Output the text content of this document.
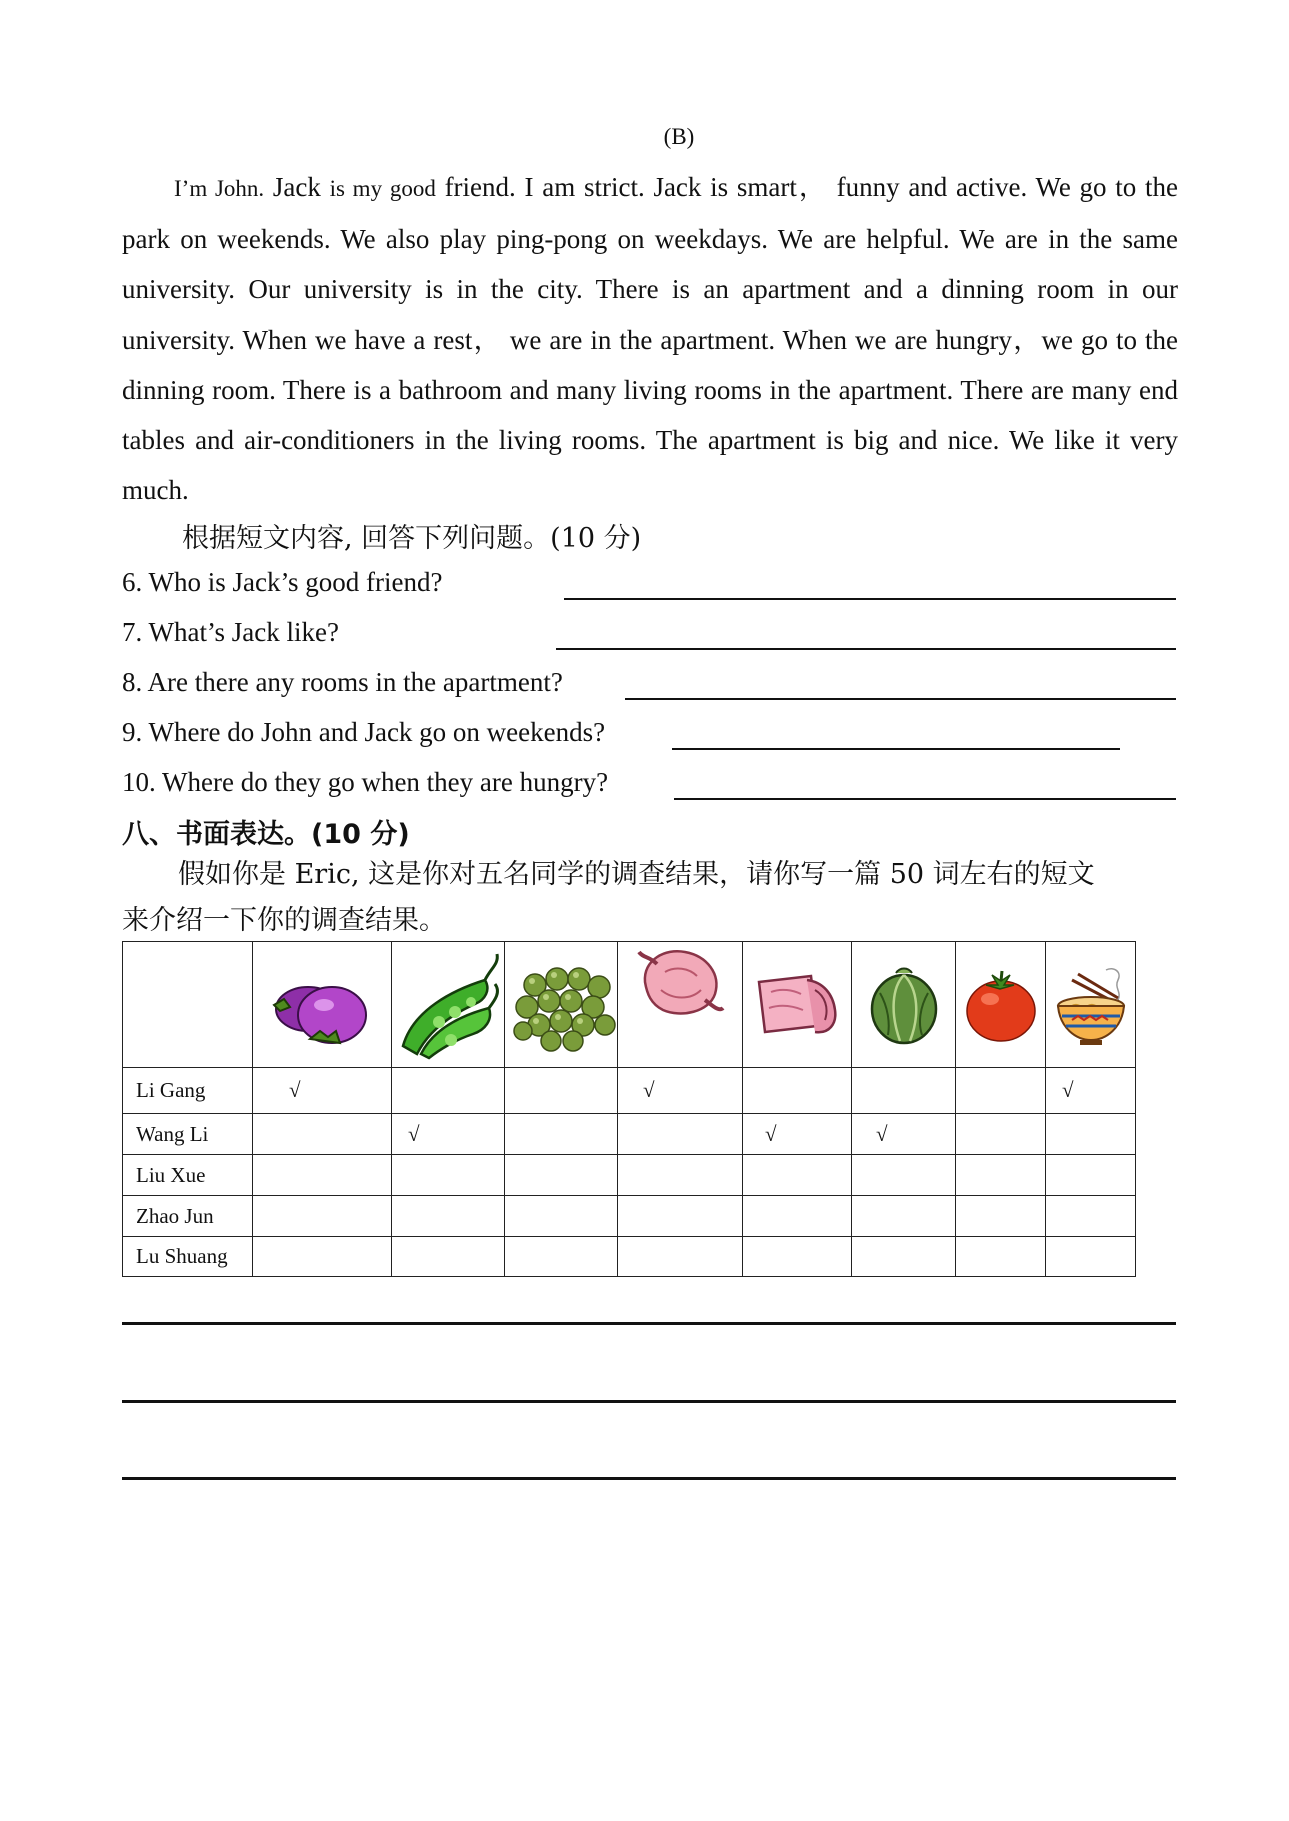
(B)

I’m John. Jack is my good friend. I am strict. Jack is smart， funny and active. We go to the park on weekends. We also play ping-pong on weekdays. We are helpful. We are in the same university. Our university is in the city. There is an apartment and a dinning room in our university. When we have a rest， we are in the apartment. When we are hungry，we go to the dinning room. There is a bathroom and many living rooms in the apartment. There are many end tables and air-conditioners in the living rooms. The apartment is big and nice. We like it very much.

根据短文内容, 回答下列问题。(10 分)
6. Who is Jack’s good friend?
7. What’s Jack like?
8. Are there any rooms in the apartment?
9. Where do John and Jack go on weekends?
10. Where do they go when they are hungry?
八、书面表达。(10 分)
假如你是 Eric, 这是你对五名同学的调查结果，请你写一篇 50 词左右的短文
来介绍一下你的调查结果。

Li Gang	√			√				√
Wang Li		√			√	√		
Liu Xue								
Zhao Jun								
Lu Shuang								
